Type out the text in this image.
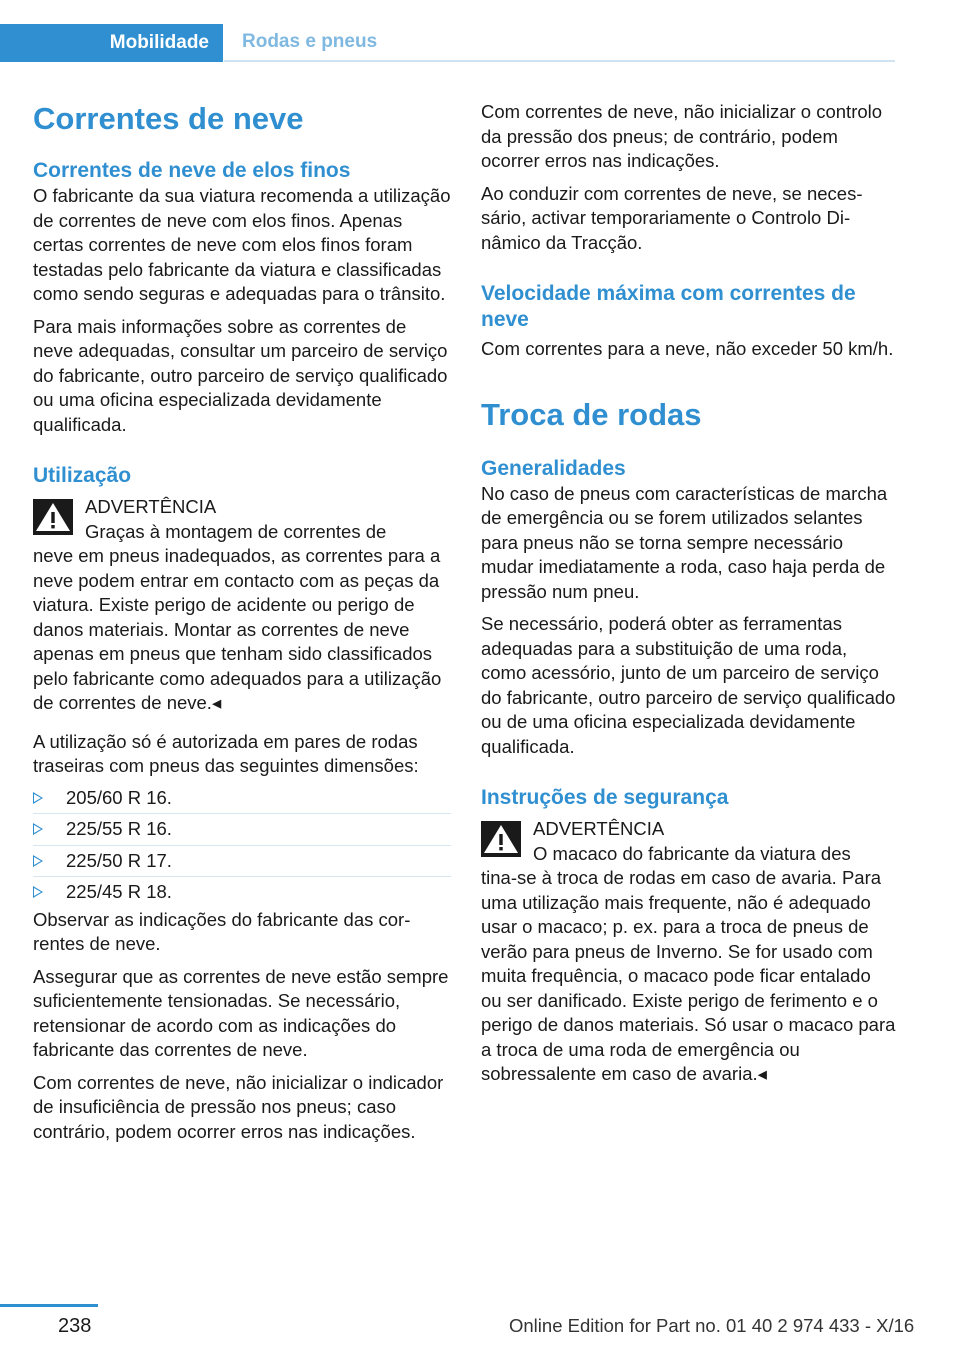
Mobilidade	Rodas e pneus
Correntes de neve
Correntes de neve de elos finos

O fabricante da sua viatura recomenda a utilização de correntes de neve com elos finos. Apenas certas correntes de neve com elos finos foram testadas pelo fabricante da viatura e classificadas como sendo seguras e adequadas para o trânsito.

Para mais informações sobre as correntes de neve adequadas, consultar um parceiro de serviço do fabricante, outro parceiro de serviço qualificado ou uma oficina especializada devidamente qualificada.

Utilização
ADVERTÊNCIA
Graças à montagem de correntes de
neve em pneus inadequados, as correntes para a neve podem entrar em contacto com as peças da viatura. Existe perigo de acidente ou perigo de danos materiais. Montar as correntes de neve apenas em pneus que tenham sido classificados pelo fabricante como adequados para a utilização de correntes de neve.◂

A utilização só é autorizada em pares de rodas traseiras com pneus das seguintes dimensões:

205/60 R 16.
225/55 R 16.
225/50 R 17.
225/45 R 18.

Observar as indicações do fabricante das correntes de neve.

Assegurar que as correntes de neve estão sempre suficientemente tensionadas. Se necessário, retensionar de acordo com as indicações do fabricante das correntes de neve.

Com correntes de neve, não inicializar o indicador de insuficiência de pressão nos pneus; caso contrário, podem ocorrer erros nas indicações.

Com correntes de neve, não inicializar o controlo da pressão dos pneus; de contrário, podem ocorrer erros nas indicações.

Ao conduzir com correntes de neve, se necessário, activar temporariamente o Controlo Dinâmico da Tracção.

Velocidade máxima com correntes de neve

Com correntes para a neve, não exceder 50 km/h.

Troca de rodas
Generalidades

No caso de pneus com características de marcha de emergência ou se forem utilizados selantes para pneus não se torna sempre necessário mudar imediatamente a roda, caso haja perda de pressão num pneu.

Se necessário, poderá obter as ferramentas adequadas para a substituição de uma roda, como acessório, junto de um parceiro de serviço do fabricante, outro parceiro de serviço qualificado ou de uma oficina especializada devidamente qualificada.

Instruções de segurança
ADVERTÊNCIA
O macaco do fabricante da viatura des
tina-se à troca de rodas em caso de avaria. Para uma utilização mais frequente, não é adequado usar o macaco; p. ex. para a troca de pneus de verão para pneus de Inverno. Se for usado com muita frequência, o macaco pode ficar entalado ou ser danificado. Existe perigo de ferimento e o perigo de danos materiais. Só usar o macaco para a troca de uma roda de emergência ou sobressalente em caso de avaria.◂
238	Online Edition for Part no. 01 40 2 974 433 - X/16
